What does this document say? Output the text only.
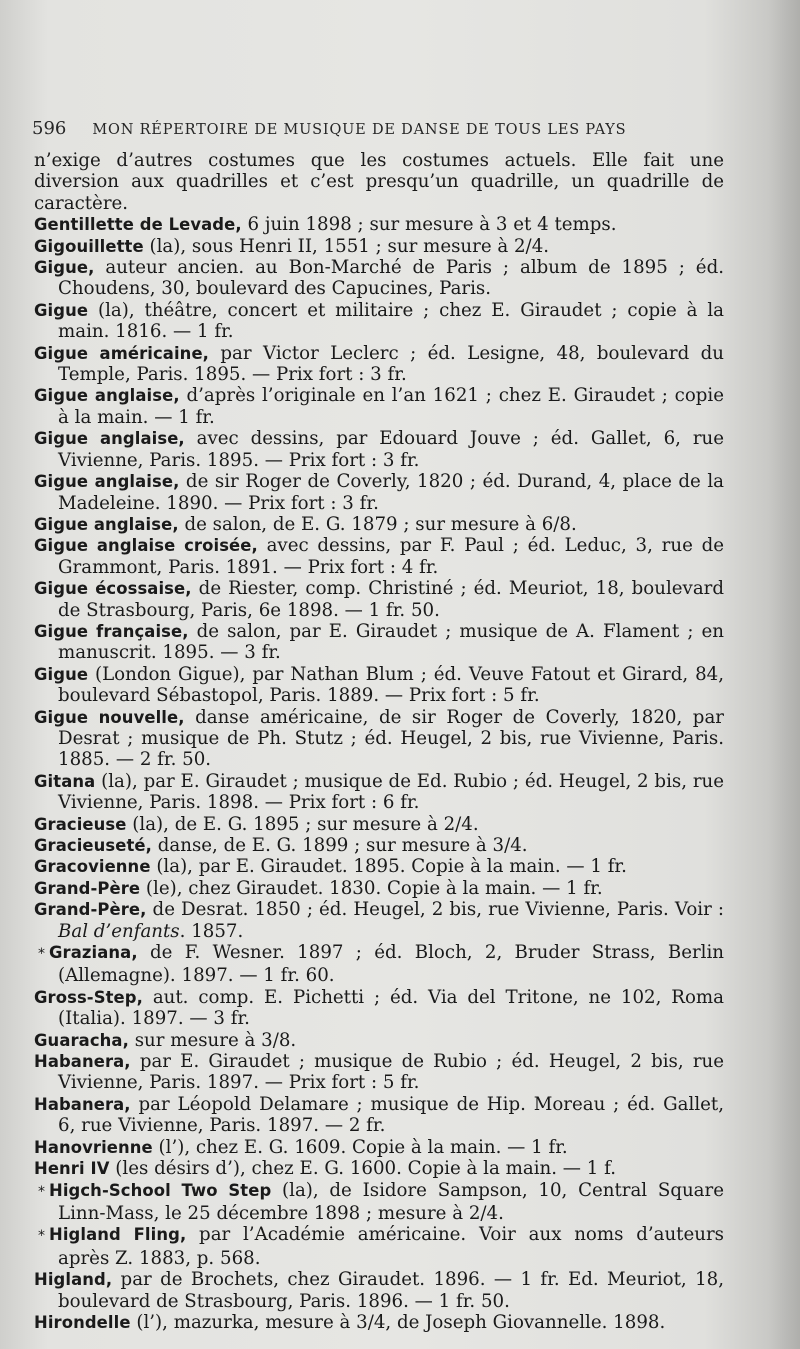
596 MON RÉPERTOIRE DE MUSIQUE DE DANSE DE TOUS LES PAYS

n’exige d’autres costumes que les costumes actuels. Elle fait une diversion aux quadrilles et c’est presqu’un quadrille, un quadrille de caractère.

Gentillette de Levade, 6 juin 1898 ; sur mesure à 3 et 4 temps.

Gigouillette (la), sous Henri II, 1551 ; sur mesure à 2/4.

Gigue, auteur ancien. au Bon-Marché de Paris ; album de 1895 ; éd. Choudens, 30, boulevard des Capucines, Paris.

Gigue (la), théâtre, concert et militaire ; chez E. Giraudet ; copie à la main. 1816. — 1 fr.

Gigue américaine, par Victor Leclerc ; éd. Lesigne, 48, boulevard du Temple, Paris. 1895. — Prix fort : 3 fr.

Gigue anglaise, d’après l’originale en l’an 1621 ; chez E. Giraudet ; copie à la main. — 1 fr.

Gigue anglaise, avec dessins, par Edouard Jouve ; éd. Gallet, 6, rue Vivienne, Paris. 1895. — Prix fort : 3 fr.

Gigue anglaise, de sir Roger de Coverly, 1820 ; éd. Durand, 4, place de la Madeleine. 1890. — Prix fort : 3 fr.

Gigue anglaise, de salon, de E. G. 1879 ; sur mesure à 6/8.

Gigue anglaise croisée, avec dessins, par F. Paul ; éd. Leduc, 3, rue de Grammont, Paris. 1891. — Prix fort : 4 fr.

Gigue écossaise, de Riester, comp. Christiné ; éd. Meuriot, 18, boulevard de Strasbourg, Paris, 6e 1898. — 1 fr. 50.

Gigue française, de salon, par E. Giraudet ; musique de A. Flament ; en manuscrit. 1895. — 3 fr.

Gigue (London Gigue), par Nathan Blum ; éd. Veuve Fatout et Girard, 84, boulevard Sébastopol, Paris. 1889. — Prix fort : 5 fr.

Gigue nouvelle, danse américaine, de sir Roger de Coverly, 1820, par Desrat ; musique de Ph. Stutz ; éd. Heugel, 2 bis, rue Vivienne, Paris. 1885. — 2 fr. 50.

Gitana (la), par E. Giraudet ; musique de Ed. Rubio ; éd. Heugel, 2 bis, rue Vivienne, Paris. 1898. — Prix fort : 6 fr.

Gracieuse (la), de E. G. 1895 ; sur mesure à 2/4.

Gracieuseté, danse, de E. G. 1899 ; sur mesure à 3/4.

Gracovienne (la), par E. Giraudet. 1895. Copie à la main. — 1 fr.

Grand-Père (le), chez Giraudet. 1830. Copie à la main. — 1 fr.

Grand-Père, de Desrat. 1850 ; éd. Heugel, 2 bis, rue Vivienne, Paris. Voir : Bal d’enfants. 1857.

* Graziana, de F. Wesner. 1897 ; éd. Bloch, 2, Bruder Strass, Berlin (Allemagne). 1897. — 1 fr. 60.

Gross-Step, aut. comp. E. Pichetti ; éd. Via del Tritone, ne 102, Roma (Italia). 1897. — 3 fr.

Guaracha, sur mesure à 3/8.

Habanera, par E. Giraudet ; musique de Rubio ; éd. Heugel, 2 bis, rue Vivienne, Paris. 1897. — Prix fort : 5 fr.

Habanera, par Léopold Delamare ; musique de Hip. Moreau ; éd. Gallet, 6, rue Vivienne, Paris. 1897. — 2 fr.

Hanovrienne (l’), chez E. G. 1609. Copie à la main. — 1 fr.

Henri IV (les désirs d’), chez E. G. 1600. Copie à la main. — 1 f.

* Higch-School Two Step (la), de Isidore Sampson, 10, Central Square Linn-Mass, le 25 décembre 1898 ; mesure à 2/4.

* Higland Fling, par l’Académie américaine. Voir aux noms d’auteurs après Z. 1883, p. 568.

Higland, par de Brochets, chez Giraudet. 1896. — 1 fr. Ed. Meuriot, 18, boulevard de Strasbourg, Paris. 1896. — 1 fr. 50.

Hirondelle (l’), mazurka, mesure à 3/4, de Joseph Giovannelle. 1898.
